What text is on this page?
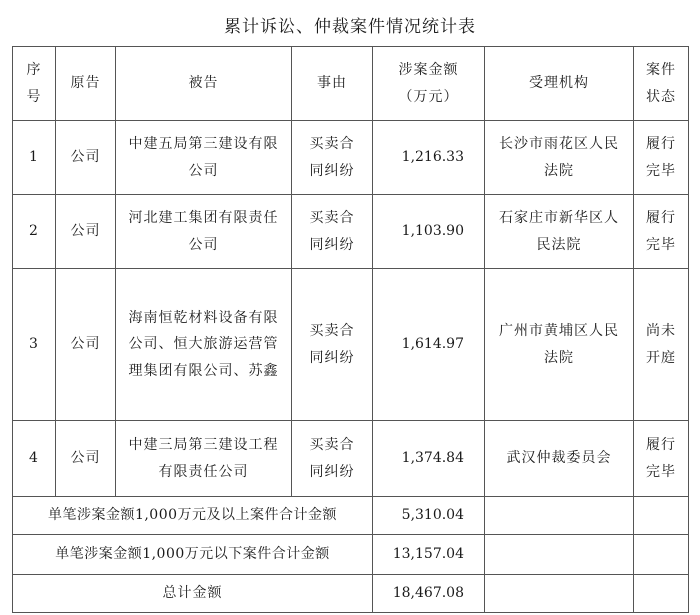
累计诉讼、仲裁案件情况统计表
序号	原告	被告	事由	涉案金额（万元）	受理机构	案件状态
1	公司	中建五局第三建设有限公司	买卖合同纠纷	1,216.33	长沙市雨花区人民法院	履行完毕
2	公司	河北建工集团有限责任公司	买卖合同纠纷	1,103.90	石家庄市新华区人民法院	履行完毕
3	公司	海南恒乾材料设备有限公司、恒大旅游运营管理集团有限公司、苏鑫	买卖合同纠纷	1,614.97	广州市黄埔区人民法院	尚未开庭
4	公司	中建三局第三建设工程有限责任公司	买卖合同纠纷	1,374.84	武汉仲裁委员会	履行完毕
单笔涉案金额1,000万元及以上案件合计金额				5,310.04		
单笔涉案金额1,000万元以下案件合计金额				13,157.04		
总计金额				18,467.08		
